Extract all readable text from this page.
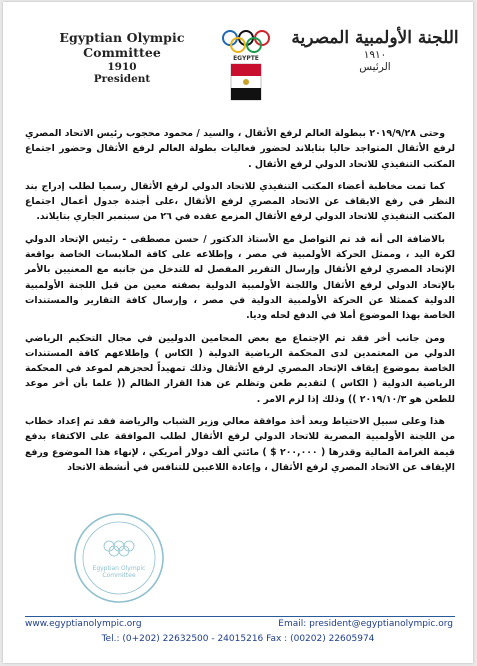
Egyptian Olympic Committee
1910
President
EGYPTE
اللجنة الأولمبية المصرية
١٩١٠
الرئيس

وحتى ٢٠١٩/٩/٢٨ ببطولة العالم لرفع الأثقال ، والسيد / محمود محجوب رئيس الاتحاد المصري لرفع الأثقال المتواجد حاليا بتايلاند لحضور فعاليات بطولة العالم لرفع الأثقال وحضور اجتماع المكتب التنفيذي للاتحاد الدولي لرفع الأثقال .

كما تمت مخاطبة أعضاء المكتب التنفيذي للاتحاد الدولي لرفع الأثقال رسميا لطلب إدراج بند النظر في رفع الايقاف عن الاتحاد المصري لرفع الأثقال ،على أجندة جدول أعمال اجتماع المكتب التنفيذي للاتحاد الدولي لرفع الأثقال المزمع عقده في ٢٦ من سبتمبر الجاري بتايلاند.

بالاضافة الى أنه قد تم التواصل مع الأستاذ الدكتور / حسن مصطفى - رئيس الإتحاد الدولي لكرة اليد ، وممثل الحركة الأولمبية في مصر ، وإطلاعه على كافة الملابسات الخاصة بواقعة الإتحاد المصري لرفع الأثقال وإرسال التقرير المفصل له للتدخل من جانبه مع المعنيين بالأمر بالإتحاد الدولي لرفع الأثقال واللجنة الأولمبية الدولية بصفته معين من قبل اللجنة الأولمبية الدولية كممثلا عن الحركة الأولمبية الدولية في مصر ، وإرسال كافة التقارير والمستندات الخاصة بهذا الموضوع أملا في الدفع لحله وديا.

ومن جانب أخر فقد تم الإجتماع مع بعض المحامين الدوليين في مجال التحكيم الرياضي الدولي من المعتمدين لدى المحكمة الرياضية الدولية ( الكاس ) وإطلاعهم كافة المستندات الخاصة بموضوع إيقاف الإتحاد المصري لرفع الأثقال وذلك تمهيداً لحجزهم لموعد في المحكمة الرياضية الدولية ( الكاس ) لتقديم طعن وتظلم عن هذا القرار الظالم (( علما بأن أخر موعد للطعن هو ٢٠١٩/١٠/٣ )) وذلك إذا لزم الامر .

هذا وعلى سبيل الاحتياط وبعد أخذ موافقة معالي وزير الشباب والرياضة فقد تم إعداد خطاب من اللجنة الأولمبية المصرية للاتحاد الدولي لرفع الأثقال لطلب الموافقة على الاكتفاء بدفع قيمة الغرامة المالية وقدرها ( ٢٠٠,٠٠٠ $ ) مائتي ألف دولار أمريكي ، لإنهاء هذا الموضوع ورفع الإيقاف عن الاتحاد المصري لرفع الأثقال ، وإعادة اللاعبين للتنافس في أنشطة الاتحاد

Egyptian Olympic Committee
www.egyptianolympic.org	Email: president@egyptianolympic.org
Tel.: (0+202) 22632500 - 24015216 Fax : (00202) 22605974
